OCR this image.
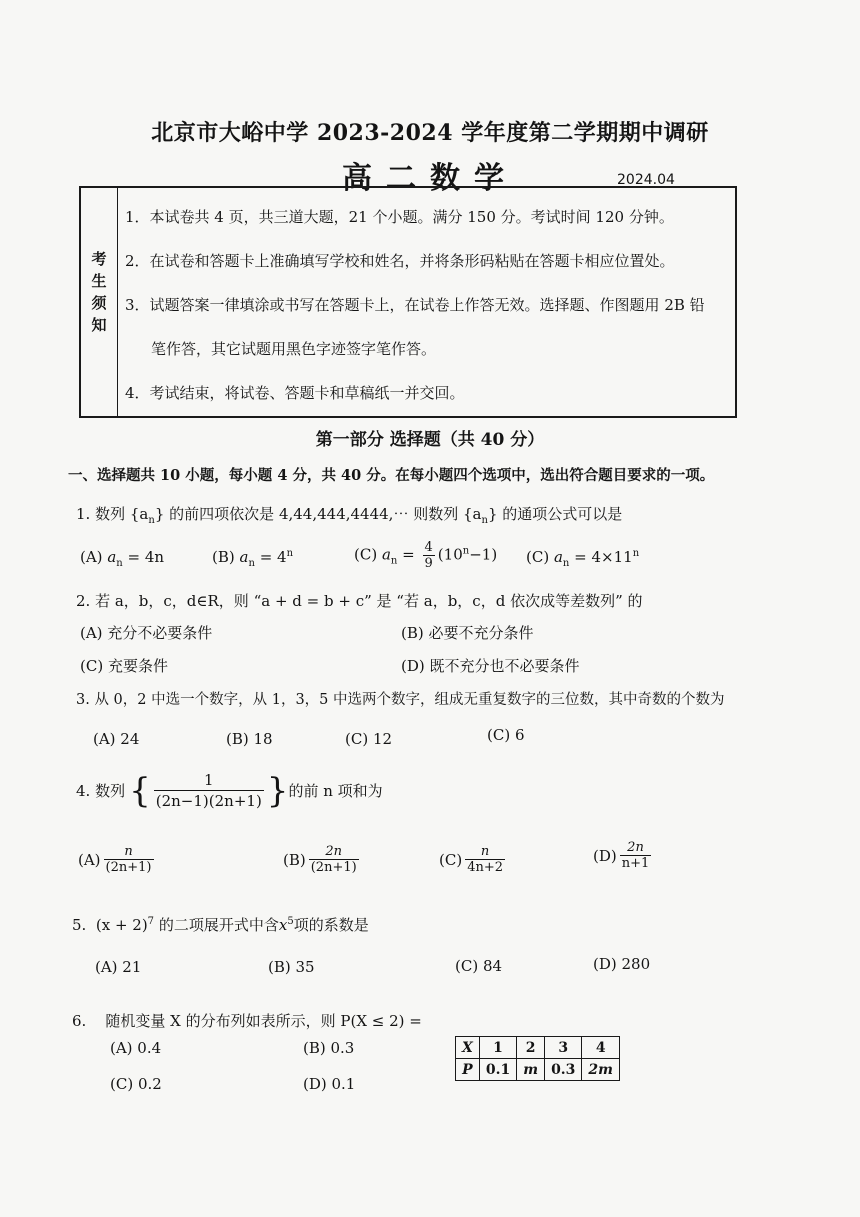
北京市大峪中学 2023-2024 学年度第二学期期中调研
高二数学	2024.04
考生须知
1．本试卷共 4 页，共三道大题，21 个小题。满分 150 分。考试时间 120 分钟。
2．在试卷和答题卡上准确填写学校和姓名，并将条形码粘贴在答题卡相应位置处。
3．试题答案一律填涂或书写在答题卡上，在试卷上作答无效。选择题、作图题用 2B 铅
笔作答，其它试题用黑色字迹签字笔作答。
4．考试结束，将试卷、答题卡和草稿纸一并交回。
第一部分 选择题（共 40 分）
一、选择题共 10 小题，每小题 4 分，共 40 分。在每小题四个选项中，选出符合题目要求的一项。
1. 数列 $\{a_n\}$ 的前四项依次是 4,44,444,4444,⋯ 则数列 $\{a_n\}$ 的通项公式可以是
(A) $a_n = 4n$	(B) $a_n = 4^n$	(C) $a_n = \frac{4}{9} (10^n-1)$ (C) $a_n = 4\times 11^n$
2. 若 a，b，c，d∈R，则 “a + d = b + c” 是 “若 a，b，c，d 依次成等差数列” 的
(A) 充分不必要条件	(B) 必要不充分条件
(C) 充要条件	(D) 既不充分也不必要条件
3. 从 0，2 中选一个数字，从 1，3，5 中选两个数字，组成无重复数字的三位数，其中奇数的个数为
(A) 24	(B) 18	(C) 12	(C) 6
4.
数列 { $\frac{1}{(2n-1)(2n+1)}$ } 的前 n 项和为
$(A) \frac{n}{(2n+1)}$	$(B) \frac{2n}{(2n+1)}$	$(C) \frac{n}{4n+2}$	$(D) \frac{2n}{n+1}$
5. $(x + 2)^7$ 的二项展开式中含$x^5$项的系数是
(A) 21	(B) 35	(C) 84	(D) 280
6. 随机变量 X 的分布列如表所示，则 P(X ≤ 2) =
(A) 0.4	(B) 0.3
(C) 0.2	(D) 0.1
X	1	2	3	4
P	0.1	m	0.3	2m
